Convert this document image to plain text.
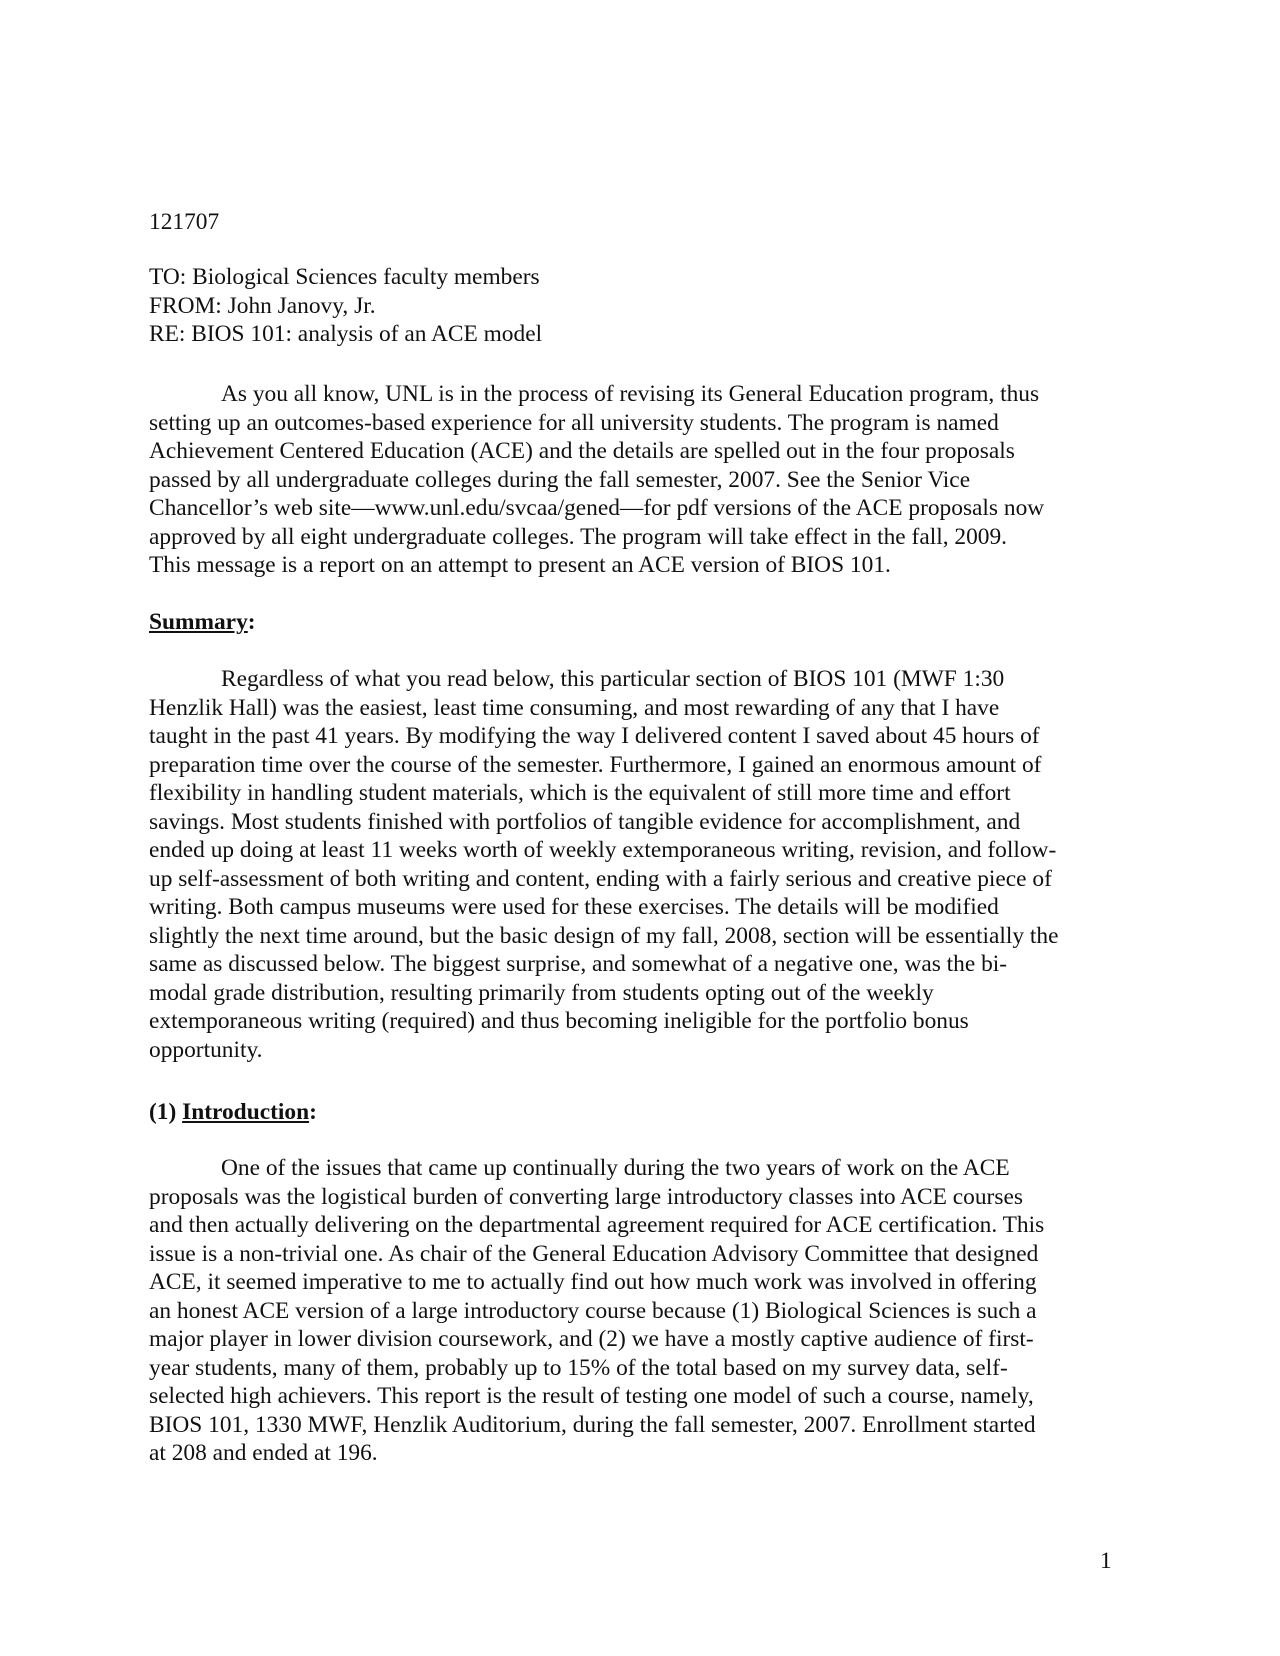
121707
TO: Biological Sciences faculty members
FROM: John Janovy, Jr.
RE: BIOS 101: analysis of an ACE model
As you all know, UNL is in the process of revising its General Education program, thus
setting up an outcomes-based experience for all university students. The program is named
Achievement Centered Education (ACE) and the details are spelled out in the four proposals
passed by all undergraduate colleges during the fall semester, 2007. See the Senior Vice
Chancellor’s web site—www.unl.edu/svcaa/gened—for pdf versions of the ACE proposals now
approved by all eight undergraduate colleges. The program will take effect in the fall, 2009.
This message is a report on an attempt to present an ACE version of BIOS 101.
Summary:
Regardless of what you read below, this particular section of BIOS 101 (MWF 1:30
Henzlik Hall) was the easiest, least time consuming, and most rewarding of any that I have
taught in the past 41 years. By modifying the way I delivered content I saved about 45 hours of
preparation time over the course of the semester. Furthermore, I gained an enormous amount of
flexibility in handling student materials, which is the equivalent of still more time and effort
savings. Most students finished with portfolios of tangible evidence for accomplishment, and
ended up doing at least 11 weeks worth of weekly extemporaneous writing, revision, and follow-
up self-assessment of both writing and content, ending with a fairly serious and creative piece of
writing. Both campus museums were used for these exercises. The details will be modified
slightly the next time around, but the basic design of my fall, 2008, section will be essentially the
same as discussed below. The biggest surprise, and somewhat of a negative one, was the bi-
modal grade distribution, resulting primarily from students opting out of the weekly
extemporaneous writing (required) and thus becoming ineligible for the portfolio bonus
opportunity.
(1) Introduction:
One of the issues that came up continually during the two years of work on the ACE
proposals was the logistical burden of converting large introductory classes into ACE courses
and then actually delivering on the departmental agreement required for ACE certification. This
issue is a non-trivial one. As chair of the General Education Advisory Committee that designed
ACE, it seemed imperative to me to actually find out how much work was involved in offering
an honest ACE version of a large introductory course because (1) Biological Sciences is such a
major player in lower division coursework, and (2) we have a mostly captive audience of first-
year students, many of them, probably up to 15% of the total based on my survey data, self-
selected high achievers. This report is the result of testing one model of such a course, namely,
BIOS 101, 1330 MWF, Henzlik Auditorium, during the fall semester, 2007. Enrollment started
at 208 and ended at 196.
1
